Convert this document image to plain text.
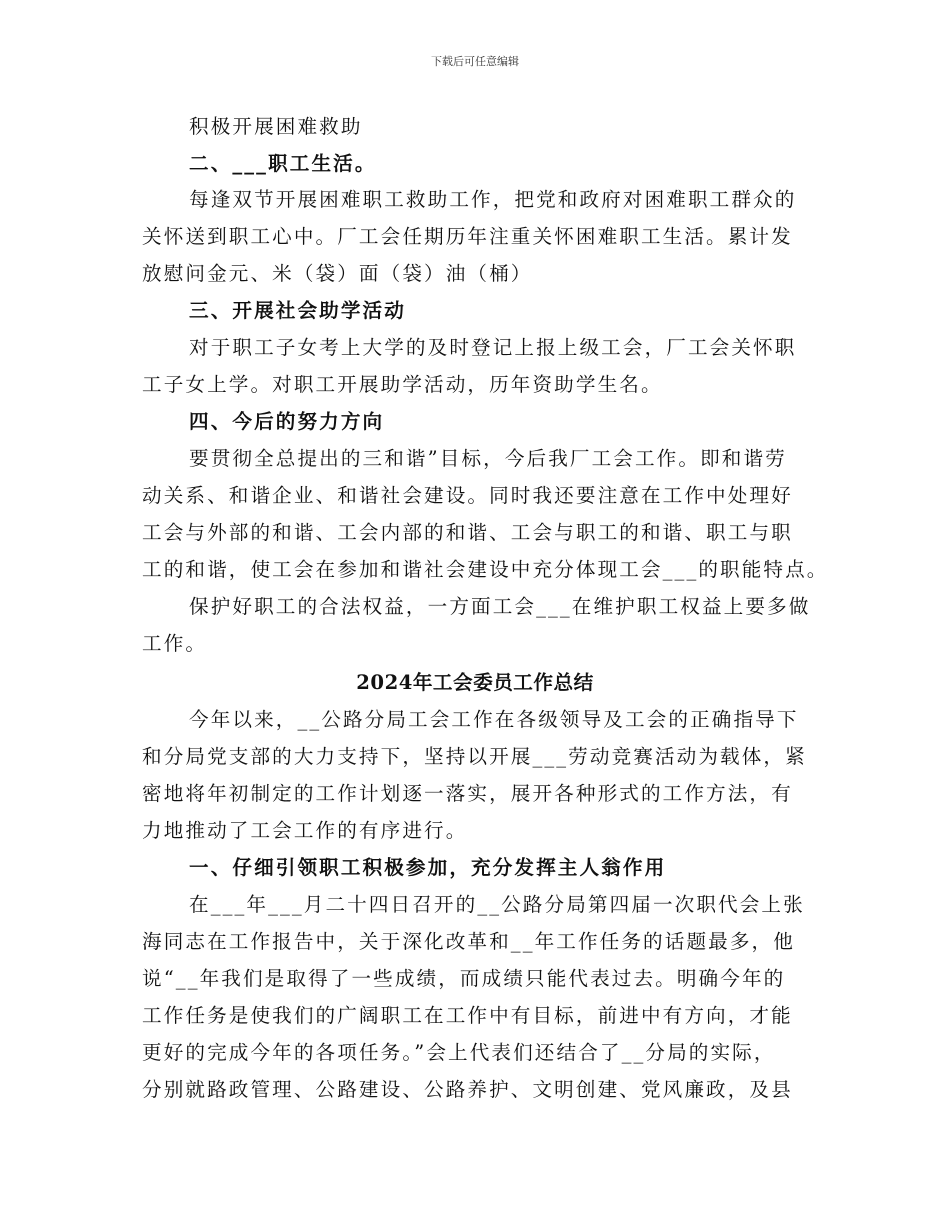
下载后可任意编辑
积极开展困难救助
二、___职工生活。
每逢双节开展困难职工救助工作，把党和政府对困难职工群众的
关怀送到职工心中。厂工会任期历年注重关怀困难职工生活。累计发
放慰问金元、米（袋）面（袋）油（桶）
三、开展社会助学活动
对于职工子女考上大学的及时登记上报上级工会，厂工会关怀职
工子女上学。对职工开展助学活动，历年资助学生名。
四、今后的努力方向
要贯彻全总提出的三和谐”目标，今后我厂工会工作。即和谐劳
动关系、和谐企业、和谐社会建设。同时我还要注意在工作中处理好
工会与外部的和谐、工会内部的和谐、工会与职工的和谐、职工与职
工的和谐，使工会在参加和谐社会建设中充分体现工会___的职能特点。
保护好职工的合法权益，一方面工会___在维护职工权益上要多做
工作。
2024年工会委员工作总结
今年以来，__公路分局工会工作在各级领导及工会的正确指导下
和分局党支部的大力支持下，坚持以开展___劳动竞赛活动为载体，紧
密地将年初制定的工作计划逐一落实，展开各种形式的工作方法，有
力地推动了工会工作的有序进行。
一、仔细引领职工积极参加，充分发挥主人翁作用
在___年___月二十四日召开的__公路分局第四届一次职代会上张
海同志在工作报告中，关于深化改革和__年工作任务的话题最多，他
说“__年我们是取得了一些成绩，而成绩只能代表过去。明确今年的
工作任务是使我们的广阔职工在工作中有目标，前进中有方向，才能
更好的完成今年的各项任务。”会上代表们还结合了__分局的实际，
分别就路政管理、公路建设、公路养护、文明创建、党风廉政，及县
